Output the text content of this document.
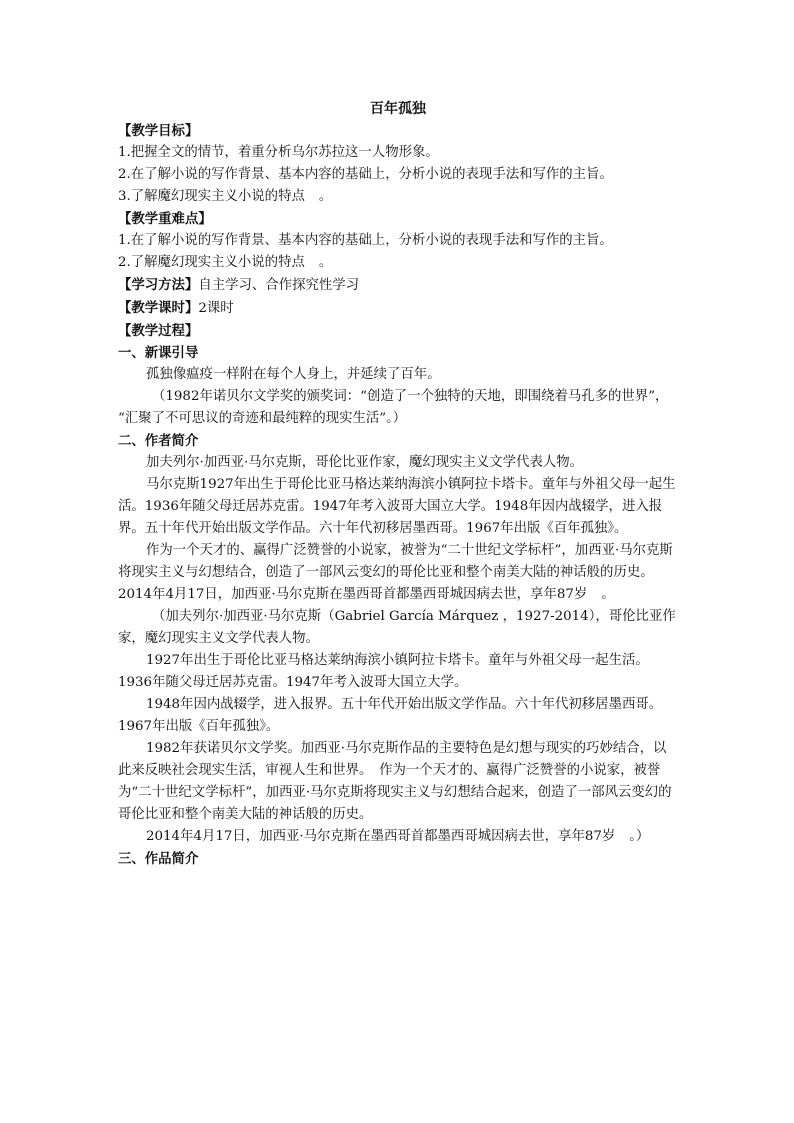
百年孤独

【教学目标】

1.把握全文的情节，着重分析乌尔苏拉这一人物形象。

2.在了解小说的写作背景、基本内容的基础上，分析小说的表现手法和写作的主旨。

3.了解魔幻现实主义小说的特点 。

【教学重难点】

1.在了解小说的写作背景、基本内容的基础上，分析小说的表现手法和写作的主旨。

2.了解魔幻现实主义小说的特点 。

【学习方法】自主学习、合作探究性学习

【教学课时】2课时

【教学过程】

一、新课引导

孤独像瘟疫一样附在每个人身上，并延续了百年。

（1982年诺贝尔文学奖的颁奖词：“创造了一个独特的天地，即围绕着马孔多的世界”， “汇聚了不可思议的奇迹和最纯粹的现实生活”。）

二、作者简介

加夫列尔·加西亚·马尔克斯，哥伦比亚作家，魔幻现实主义文学代表人物。

马尔克斯1927年出生于哥伦比亚马格达莱纳海滨小镇阿拉卡塔卡。童年与外祖父母一起生活。1936年随父母迁居苏克雷。1947年考入波哥大国立大学。1948年因内战辍学，进入报界。五十年代开始出版文学作品。六十年代初移居墨西哥。1967年出版《百年孤独》。

作为一个天才的、赢得广泛赞誉的小说家，被誉为“二十世纪文学标杆”，加西亚·马尔克斯将现实主义与幻想结合，创造了一部风云变幻的哥伦比亚和整个南美大陆的神话般的历史。2014年4月17日，加西亚·马尔克斯在墨西哥首都墨西哥城因病去世，享年87岁 。

（加夫列尔·加西亚·马尔克斯（Gabriel García Márquez ，1927-2014），哥伦比亚作家，魔幻现实主义文学代表人物。

1927年出生于哥伦比亚马格达莱纳海滨小镇阿拉卡塔卡。童年与外祖父母一起生活。1936年随父母迁居苏克雷。1947年考入波哥大国立大学。

1948年因内战辍学，进入报界。五十年代开始出版文学作品。六十年代初移居墨西哥。1967年出版《百年孤独》。

1982年获诺贝尔文学奖。加西亚·马尔克斯作品的主要特色是幻想与现实的巧妙结合，以此来反映社会现实生活，审视人生和世界。　作为一个天才的、赢得广泛赞誉的小说家，被誉为“二十世纪文学标杆”，加西亚·马尔克斯将现实主义与幻想结合起来，创造了一部风云变幻的哥伦比亚和整个南美大陆的神话般的历史。

2014年4月17日，加西亚·马尔克斯在墨西哥首都墨西哥城因病去世，享年87岁 。）

三、作品简介
